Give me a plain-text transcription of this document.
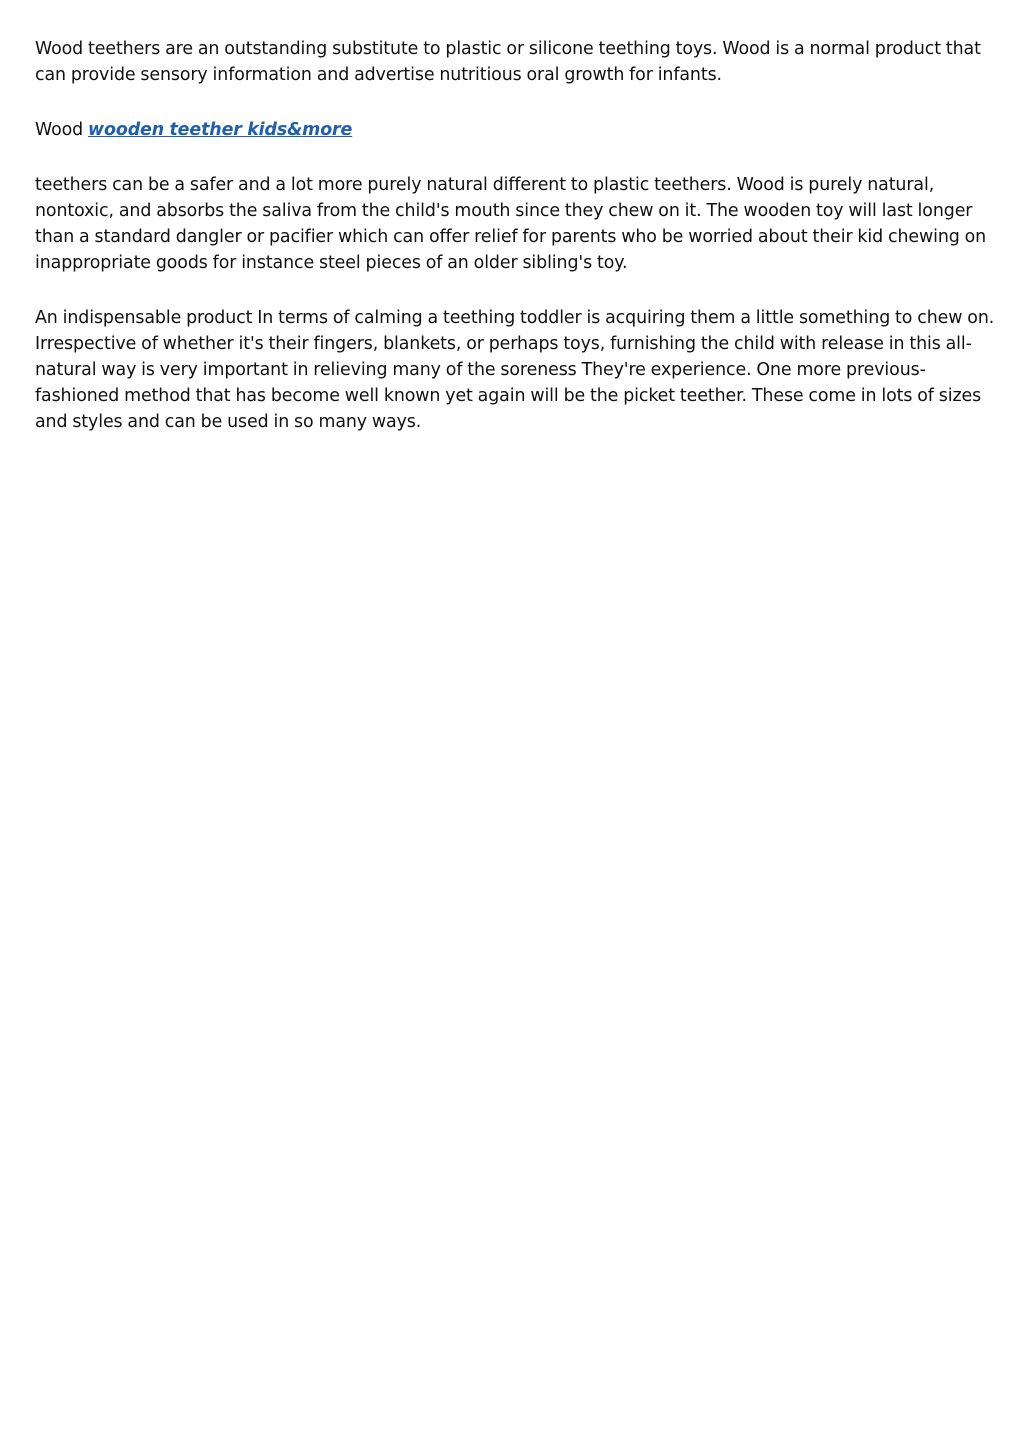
Wood teethers are an outstanding substitute to plastic or silicone teething toys. Wood is a normal product that can provide sensory information and advertise nutritious oral growth for infants.

Wood wooden teether kids&more

teethers can be a safer and a lot more purely natural different to plastic teethers. Wood is purely natural, nontoxic, and absorbs the saliva from the child's mouth since they chew on it. The wooden toy will last longer than a standard dangler or pacifier which can offer relief for parents who be worried about their kid chewing on inappropriate goods for instance steel pieces of an older sibling's toy.

An indispensable product In terms of calming a teething toddler is acquiring them a little something to chew on. Irrespective of whether it's their fingers, blankets, or perhaps toys, furnishing the child with release in this all-natural way is very important in relieving many of the soreness They're experience. One more previous-fashioned method that has become well known yet again will be the picket teether. These come in lots of sizes and styles and can be used in so many ways.
